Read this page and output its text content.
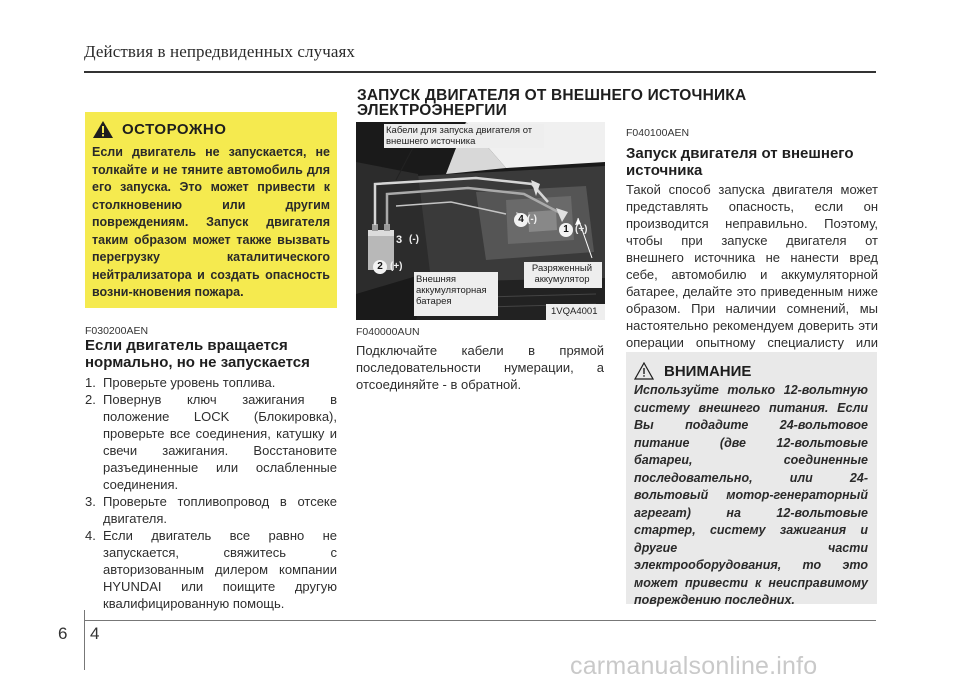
Действия в непредвиденных случаях
ОСТОРОЖНО
Если двигатель не запускается, не толкайте и не тяните автомобиль для его запуска. Это может привести к столкновению или другим повреждениям. Запуск двигателя таким образом может также вызвать перегрузку каталитического нейтрализатора и создать опасность возни-кновения пожара.
F030200AEN
Если двигатель вращается нормально, но не запускается
1. Проверьте уровень топлива.
2. Повернув ключ зажигания в положение LOCK (Блокировка), проверьте все соединения, катушку и свечи зажигания. Восстановите разъединенные или ослабленные соединения.
3. Проверьте топливопровод в отсеке двигателя.
4. Если двигатель все равно не запускается, свяжитесь с авторизованным дилером компании HYUNDAI или поищите другую квалифицированную помощь.
ЗАПУСК ДВИГАТЕЛЯ ОТ ВНЕШНЕГО ИСТОЧНИКА ЭЛЕКТРОЭНЕРГИИ
Кабели для запуска двигателя от внешнего источника
Внешняя аккумуляторная батарея
Разряженный аккумулятор
1VQA4001
4 (-)
1 (+)
3 (-)
2 (+)
F040000AUN
Подключайте кабели в прямой последовательности нумерации, а отсоединяйте - в обратной.
F040100AEN
Запуск двигателя от внешнего источника
Такой способ запуска двигателя может представлять опасность, если он производится неправильно. Поэтому, чтобы при запуске двигателя от внешнего источника не нанести вред себе, автомобилю и аккумуляторной батарее, делайте это приведенным ниже образом. При наличии сомнений, мы настоятельно рекомендуем доверить эти операции опытному специалисту или
ВНИМАНИЕ
Используйте только 12-вольтную систему внешнего питания. Если Вы подадите 24-вольтовое питание (две 12-вольтовые батареи, соединенные последовательно, или 24-вольтовый мотор-генераторный агрегат) на 12-вольтовые стартер, систему зажигания и другие части электрооборудования, то это может привести к неисправимому повреждению последних.
6 4
carmanualsonline.info
